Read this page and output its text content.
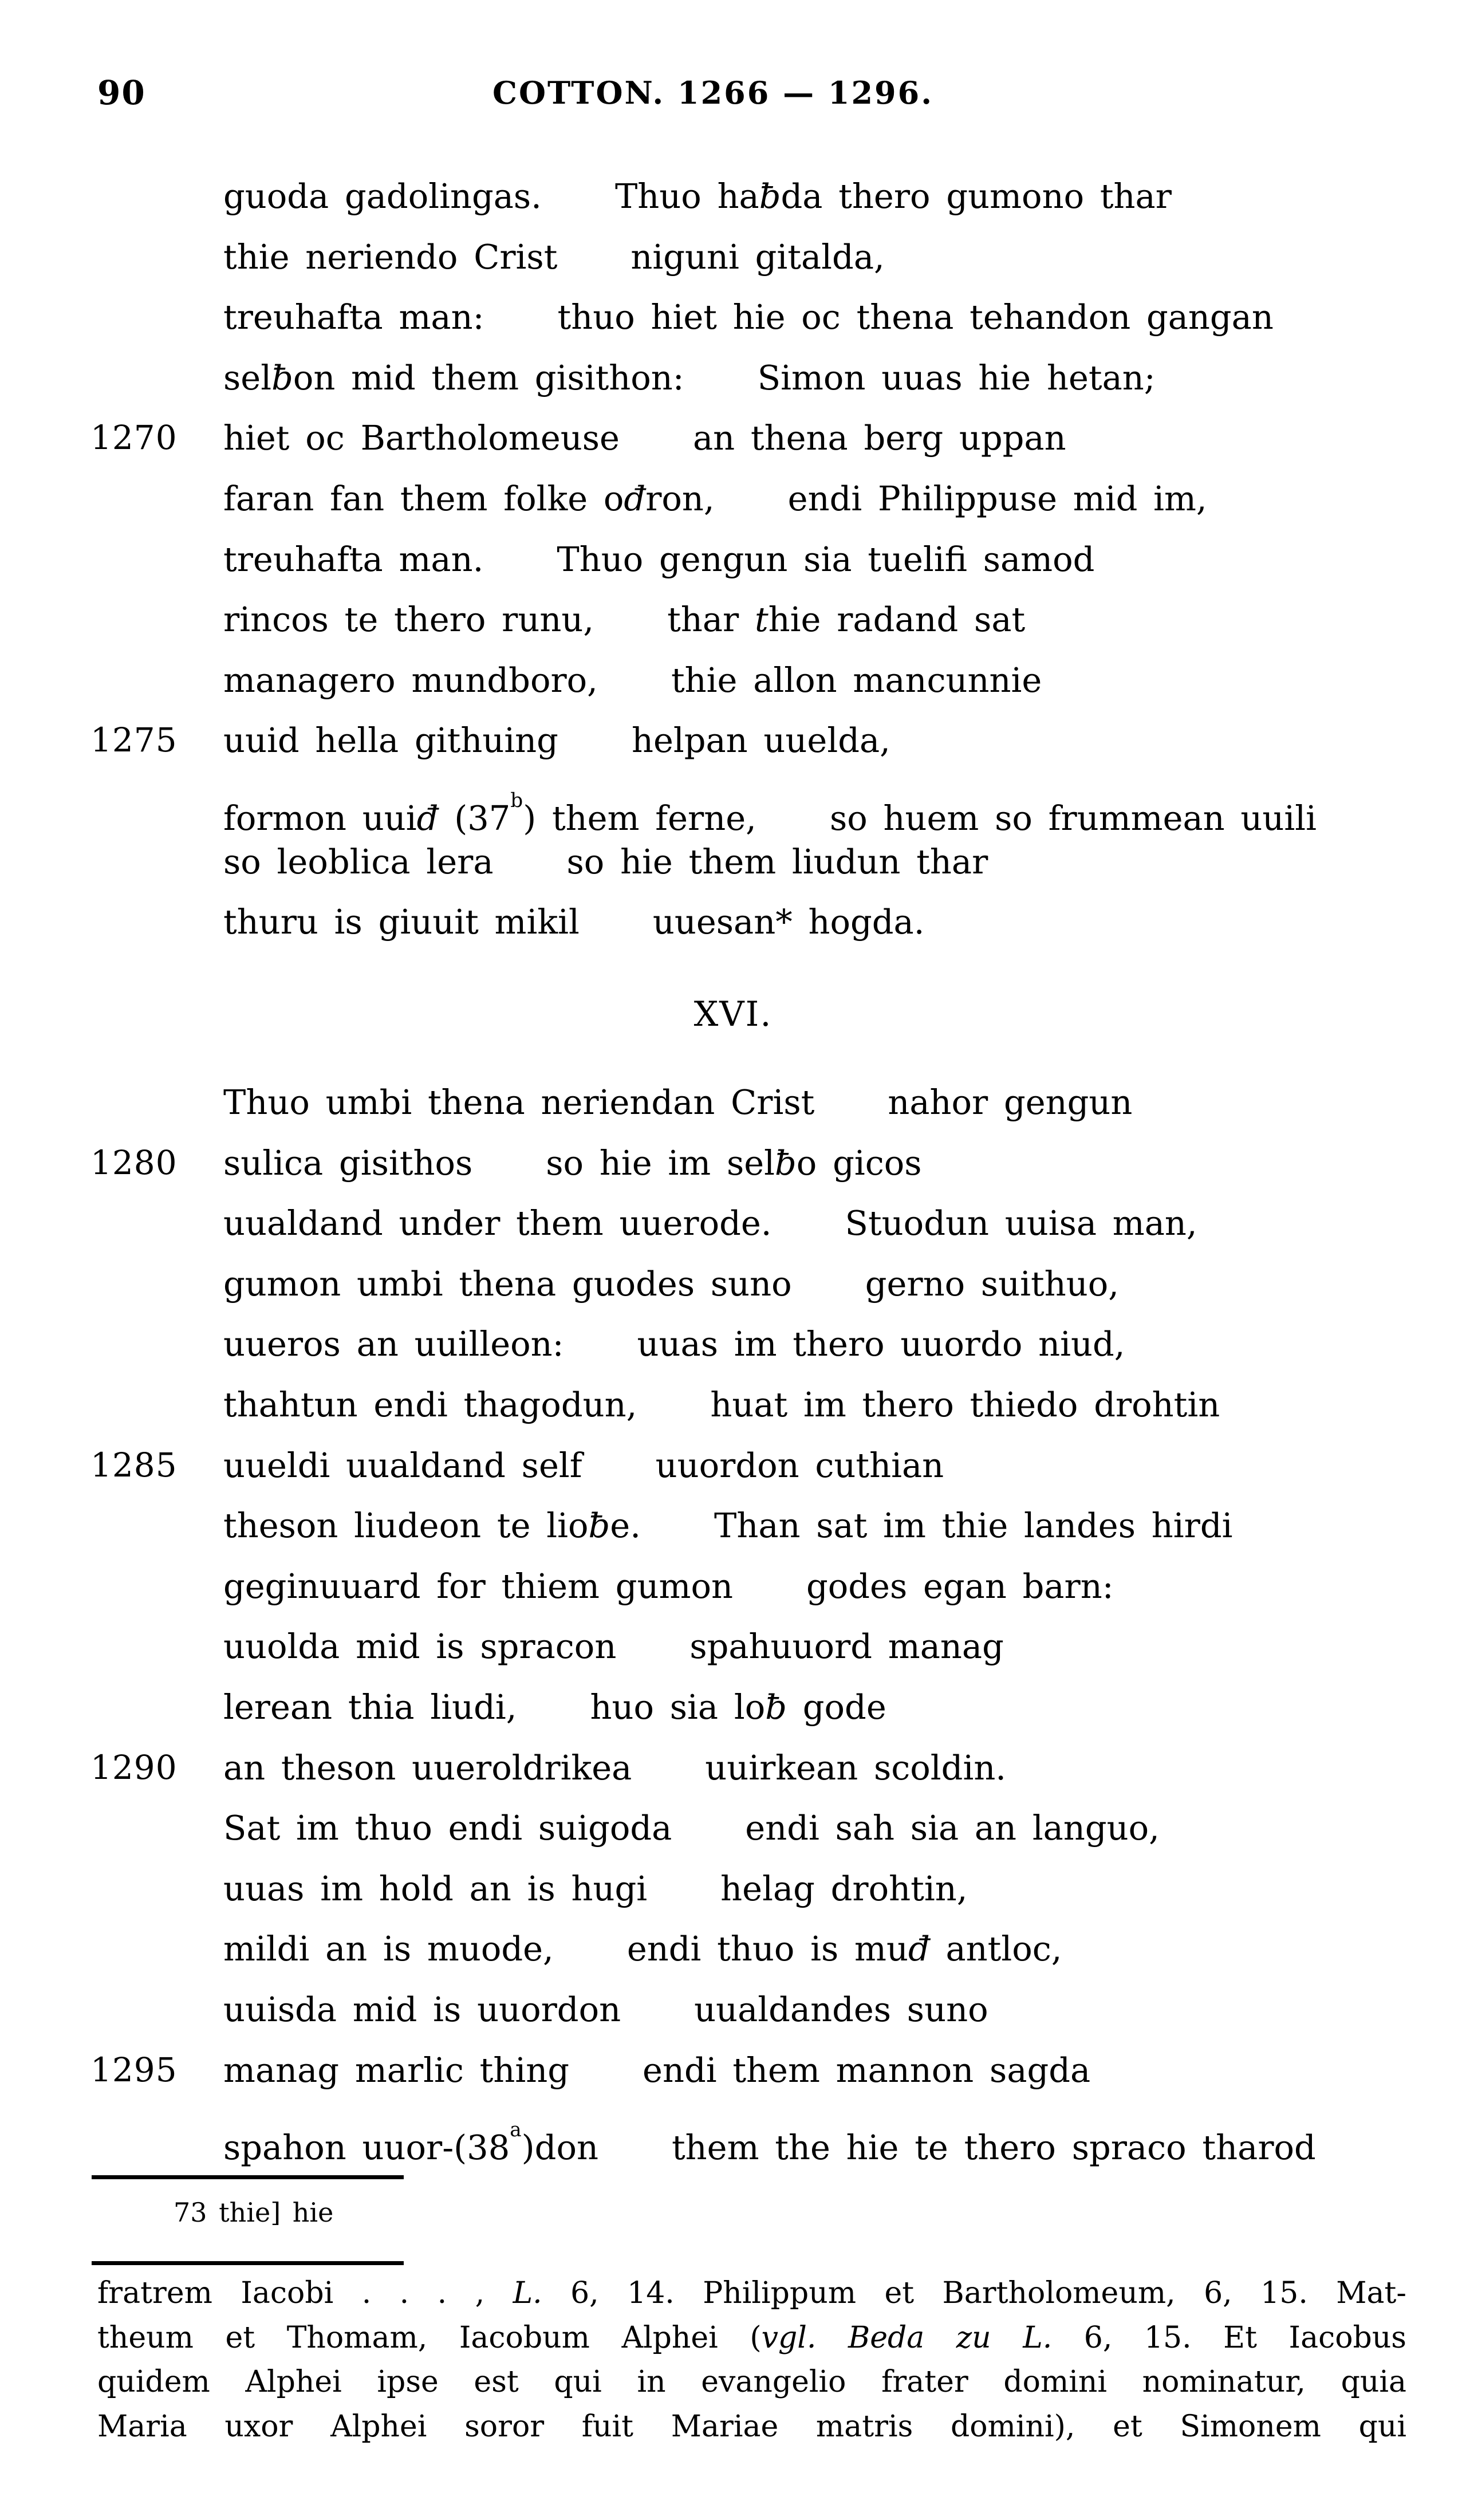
90	COTTON. 1266 — 1296.
guoda gadolingas. Thuo haƀda thero gumono thar
thie neriendo Crist niguni gitalda,
treuhafta man: thuo hiet hie oc thena tehandon gangan
selƀon mid them gisithon: Simon uuas hie hetan;
1270 hiet oc Bartholomeuse an thena berg uppan
faran fan them folke ođron, endi Philippuse mid im,
treuhafta man. Thuo gengun sia tuelifi samod
rincos te thero runu, thar thie radand sat
managero mundboro, thie allon mancunnie
1275 uuid hella githuing helpan uuelda,
formon uuiđ (37$^b$) them ferne, so huem so frummean uuili
so leoblica lera so hie them liudun thar
thuru is giuuit mikil uuesan* hogda.
XVI.
Thuo umbi thena neriendan Crist nahor gengun
1280 sulica gisithos so hie im selƀo gicos
uualdand under them uuerode. Stuodun uuisa man,
gumon umbi thena guodes suno gerno suithuo,
uueros an uuilleon: uuas im thero uuordo niud,
thahtun endi thagodun, huat im thero thiedo drohtin
1285 uueldi uualdand self uuordon cuthian
theson liudeon te lioƀe. Than sat im thie landes hirdi
geginuuard for thiem gumon godes egan barn:
uuolda mid is spracon spahuuord manag
lerean thia liudi, huo sia loƀ gode
1290 an theson uueroldrikea uuirkean scoldin.
Sat im thuo endi suigoda endi sah sia an languo,
uuas im hold an is hugi helag drohtin,
mildi an is muode, endi thuo is muđ antloc,
uuisda mid is uuordon uualdandes suno
1295 manag marlic thing endi them mannon sagda
spahon uuor-(38$^a$)don them the hie te thero spraco tharod
73 thie] hie
fratrem Iacobi . . . , L. 6, 14. Philippum et Bartholomeum, 6, 15. Mat-
theum et Thomam, Iacobum Alphei (vgl. Beda zu L. 6, 15. Et Iacobus
quidem Alphei ipse est qui in evangelio frater domini nominatur, quia
Maria uxor Alphei soror fuit Mariae matris domini), et Simonem qui
